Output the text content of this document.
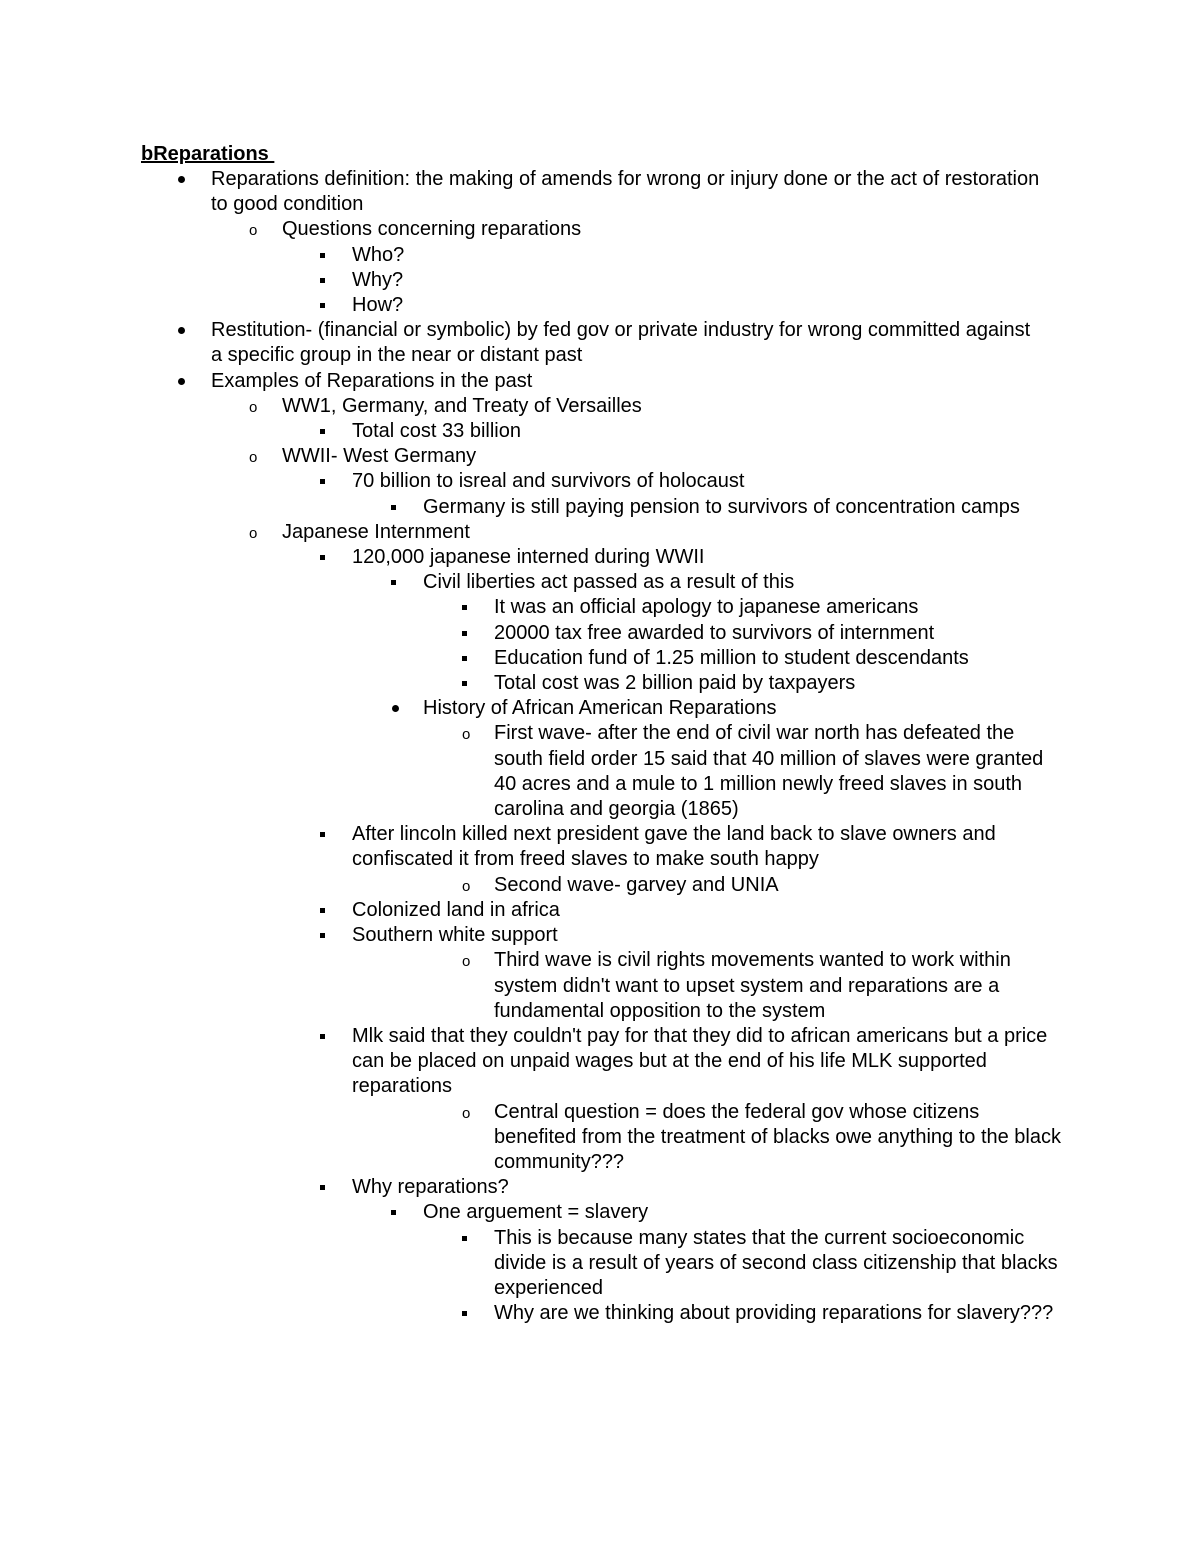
bReparations
Reparations definition: the making of amends for wrong or injury done or the act of restoration to good condition
o
Questions concerning reparations
Who?
Why?
How?
Restitution- (financial or symbolic) by fed gov or private industry for wrong committed against a specific group in the near or distant past
Examples of Reparations in the past
o
WW1, Germany, and Treaty of Versailles
Total cost 33 billion
o
WWII- West Germany
70 billion to isreal and survivors of holocaust
Germany is still paying pension to survivors of concentration camps
o
Japanese Internment
120,000 japanese interned during WWII
Civil liberties act passed as a result of this
It was an official apology to japanese americans
20000 tax free awarded to survivors of internment
Education fund of 1.25 million to student descendants
Total cost was 2 billion paid by taxpayers
History of African American Reparations
o
First wave- after the end of civil war north has defeated the south field order 15 said that 40 million of slaves were granted 40 acres and a mule to 1 million newly freed slaves in south carolina and georgia (1865)
After lincoln killed next president gave the land back to slave owners and confiscated it from freed slaves to make south happy
o
Second wave- garvey and UNIA
Colonized land in africa
Southern white support
o
Third wave is civil rights movements wanted to work within system didn't want to upset system and reparations are a fundamental opposition to the system
Mlk said that they couldn't pay for that they did to african americans but a price can be placed on unpaid wages but at the end of his life MLK supported reparations
o
Central question = does the federal gov whose citizens benefited from the treatment of blacks owe anything to the black community???
Why reparations?
One arguement = slavery
This is because many states that the current socioeconomic divide is a result of years of second class citizenship that blacks experienced
Why are we thinking about providing reparations for slavery???
